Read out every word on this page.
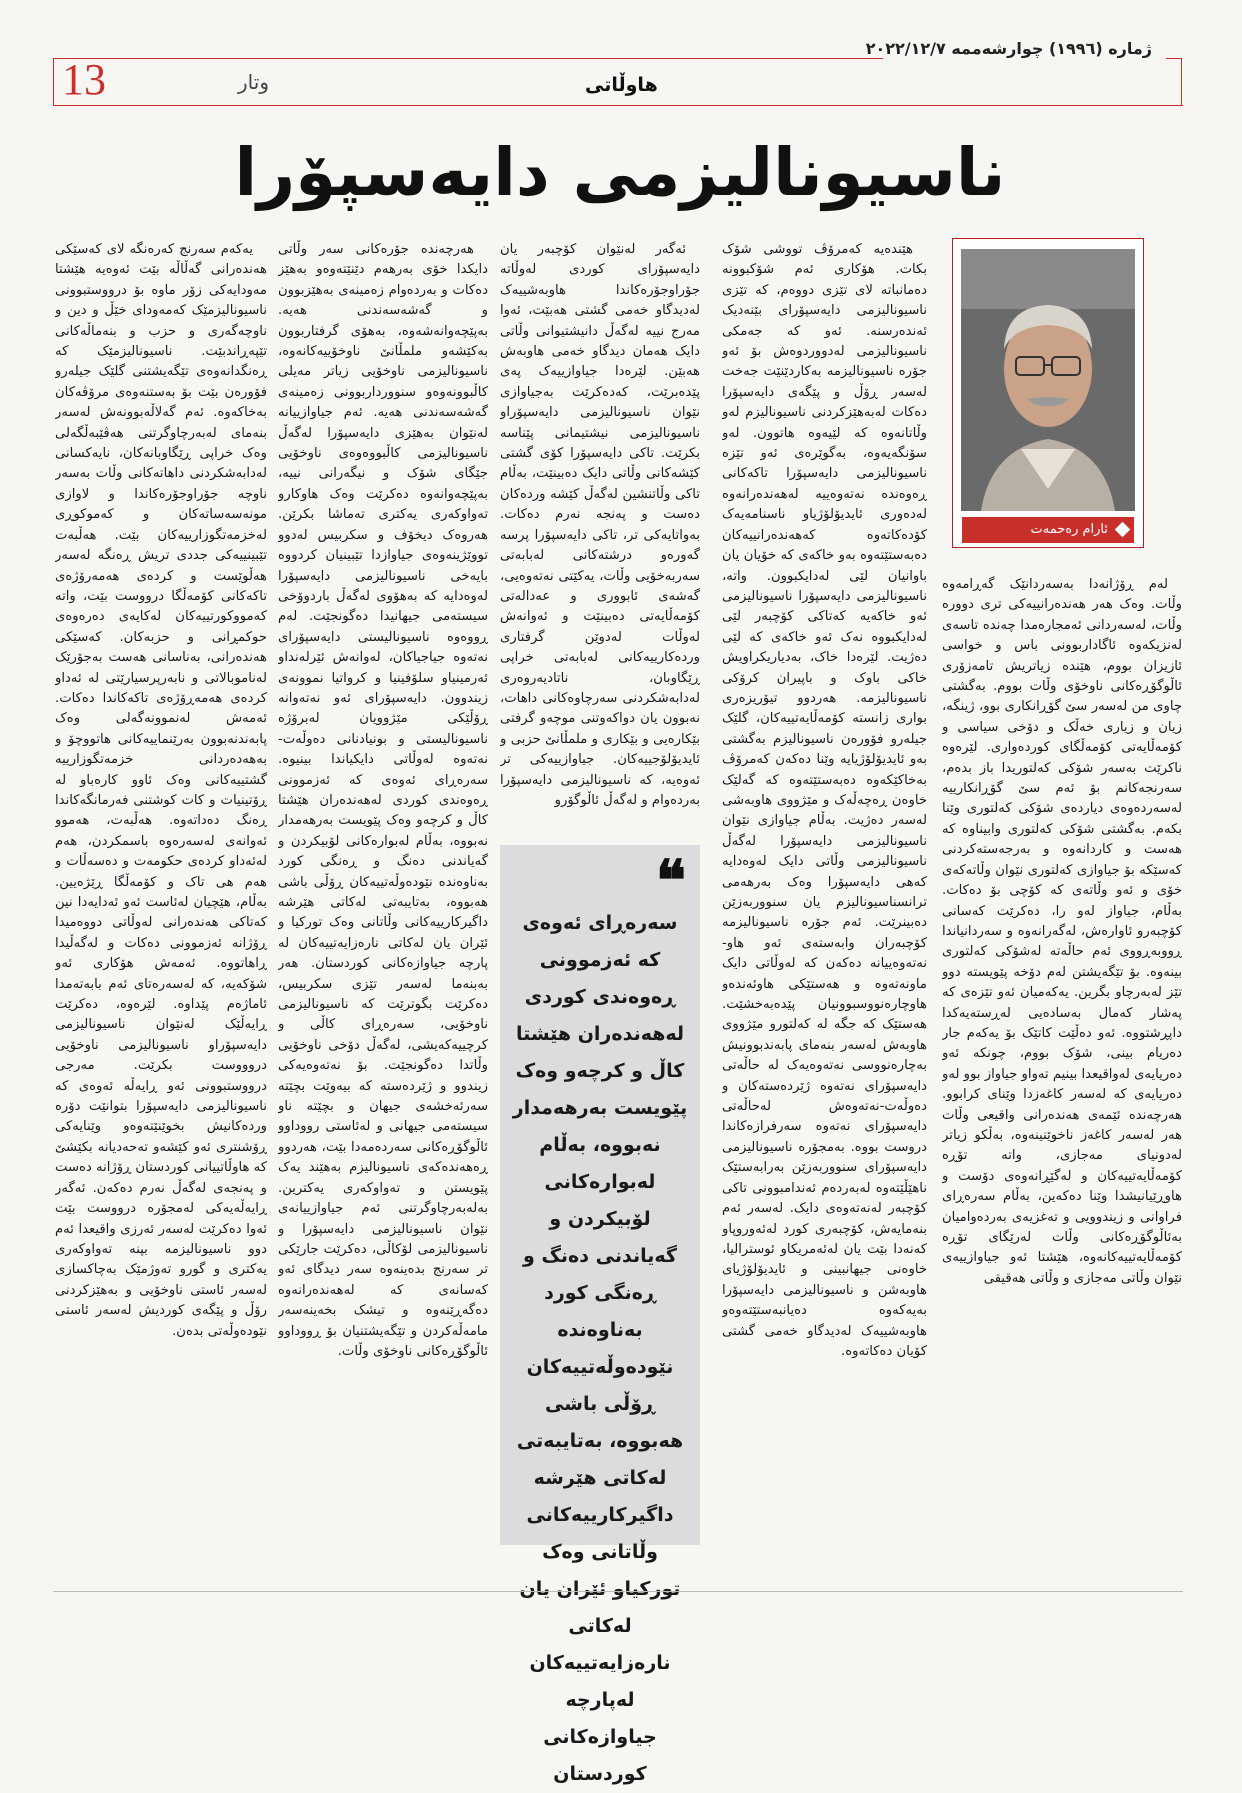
13	وتار	هاوڵاتی
ژمارە (١٩٩٦) چوارشەممە ٢٠٢٢/١٢/٧
ناسیونالیزمی دایەسپۆرا
ئارام رەحمەت

لەم ڕۆژانەدا بەسەردانێک گەڕامەوە وڵات. وەک هەر هەندەرانییەکی تری دووره وڵات، لەسەردانی ئەمجارەمدا چەندە تاسەی لەنزیکەوە ئاگاداربوونی باس و خواسی ئازیزان بووم، هێندە زیاتریش تامەزۆری ئاڵوگۆڕەکانی ناوخۆی وڵات بووم. بەگشتی چاوی من لەسەر سێ گۆڕانکاری بوو، ژینگە، زیان و زیاری خەڵک و دۆخی سیاسی و کۆمەڵایەتی کۆمەڵگای کوردەواری. لێرەوە ناکرێت بەسەر شۆکی کەلتوریدا باز بدەم، سەرنجەکانم بۆ ئەم سێ گۆڕانکارییە لەسەردەوەی دیاردەی شۆکی کەلتوری وێنا بکەم. بەگشتی شۆکی کەلتوری وابیناوە کە هەست و کاردانەوە و بەرجەستەکردنی کەسێکە بۆ جیاوازی کەلتوری نێوان وڵاتەکەی خۆی و ئەو وڵاتەی کە کۆچی بۆ دەکات. بەڵام، جیاواز لەو را، دەکرێت کەسانی کۆچبەرو ئاوارەش، لەگەرانەوە و سەردانیاندا ڕووبەڕووی ئەم حاڵەتە لەشۆکی کەلتوری بینەوە. بۆ تێگەیشتن لەم دۆخە پێویستە دوو تێز لەبەرچاو بگرین. یەکەمیان ئەو تێزەی کە پەشار کەمال بەسادەیی لەڕستەیەکدا داپڕشتووە. ئەو دەڵێت کاتێک بۆ یەکەم جار دەریام بینی، شۆک بووم، چونکە ئەو دەریایەی لەواقیعدا بینیم تەواو جیاواز بوو لەو دەریایەی کە لەسەر کاغەزدا وێنای کرابوو. هەرچەندە ئێمەی هەندەرانی واقیعی وڵات هەر لەسەر کاغەز ناخوێنینەوە، بەڵکو زیاتر لەدونیای مەجازی، واتە تۆڕە کۆمەڵایەتییەکان و لەگێڕانەوەی دۆست و هاوڕێیانیشدا وێنا دەکەین، بەڵام سەرەڕای فراوانی و زیندوویی و تەغزیەی بەردەوامیان بەئاڵوگۆڕەکانی وڵات لەرێگای تۆڕە کۆمەڵایەتییەکانەوە، هێشتا ئەو جیاوازییەی نێوان وڵاتی مەجازی و وڵاتی هەقیقی

هێندەیە کەمرۆڤ تووشی شۆک بکات. هۆکاری ئەم شۆکبوونە دەمانباتە لای تێزی دووەم، کە تێزی ناسیونالیزمی دایەسپۆرای بێنەدیک ئەندەرسنە. ئەو کە جەمکی ناسیونالیزمی لەدووردوەش بۆ ئەو جۆرە ناسیونالیزمە بەکاردێنێت جەخت لەسەر ڕۆڵ و پێگەی دایەسپۆرا دەکات لەبەهێزکردنی ناسیونالیزم لەو وڵاتانەوە کە لێیەوە هاتوون. لەو سۆنگەیەوە، بەگوێرەی ئەو تێزە ناسیونالیزمی دایەسپۆرا تاکەکانی ڕەوەندە نەتەوەییە لەهەندەرانەوە لەدەوری ئایدیۆلۆژیاو ناسنامەیەک کۆدەکاتەوە کەهەندەرانییەکان دەبەستێتەوە بەو خاکەی کە خۆیان یان باوانیان لێی لەدایکبوون. واتە، ناسیونالیزمی دایەسپۆرا ناسیونالیزمی ئەو خاکەیە کەتاکی کۆچبەر لێی لەدایکبووە نەک ئەو خاکەی کە لێی دەژیت. لێرەدا خاک، بەدیاریکراویش خاکی باوک و باپیران کرۆکی ناسیونالیزمە. هەردوو تیۆریزەری بواری زانستە کۆمەڵایەتییەکان، گلێک جیلەرو فۆورەن ناسیونالیزم بەگشتی بەو ئایدیۆلۆژیایە وێنا دەکەن کەمرۆڤ بەخاکێکەوە دەبەستێتەوە کە گەلێک خاوەن ڕەچەڵەک و مێژووی هاوبەشی لەسەر دەژیت. بەڵام جیاوازی نێوان ناسیونالیزمی دایەسپۆرا لەگەڵ ناسیونالیزمی وڵاتی دایک لەوەدایە کەهی دایەسپۆرا وەک بەرهەمی ترانسناسیونالیزم یان سنووربەزێن دەبینرێت. ئەم جۆرە ناسیونالیزمە کۆچبەران وابەستەی ئەو هاو-نەتەوەییانە دەکەن کە لەوڵاتی دایک ماونەتەوە و هەستێکی هاوئەندەو هاوچارەنووسبوونیان پێدەبەخشێت. هەستێک کە جگە لە کەلتورو مێژووی هاوبەش لەسەر بنەمای پابەندبوونیش بەچارەنووسی نەتەوەیەک لە حاڵەتی دایەسپۆرای نەتەوە ژێردەستەکان و دەوڵەت-نەتەوەش لەحاڵەتی دایەسپۆرای نەتەوە سەرفرازەکاندا دروست بووە. بەمجۆرە ناسیونالیزمی دایەسپۆرای سنووربەزێن بەرابەستێک ناهێڵێتەوە لەبەردەم ئەندامبوونی تاکی کۆچبەر لەنەتەوەی دایک. لەسەر ئەم بنەمایەش، کۆچبەری کورد لەئەوروپاو کەنەدا بێت یان لەئەمریکاو ئوسترالیا، خاوەنی جیهانبینی و ئایدیۆلۆژیای هاوبەشن و ناسیونالیزمی دایەسپۆرا بەیەکەوە دەیانبەستێتەوەو هاوبەشییەک لەدیدگاو خەمی گشتی کۆیان دەکاتەوە.

ئەگەر لەنێوان کۆچبەر یان دایەسپۆرای کوردی لەوڵاتە جۆراوجۆرەکاندا هاوبەشییەک لەدیدگاو خەمی گشتی هەبێت، ئەوا مەرج نییە لەگەڵ دانیشتیوانی وڵاتی دایک هەمان دیدگاو خەمی هاوبەش هەبێن. لێرەدا جیاوازییەک پەی پێدەبرێت، کەدەکرێت بەجیاوازی نێوان ناسیونالیزمی دایەسپۆراو ناسیونالیزمی نیشتیمانی پێناسە بکرێت. تاکی دایەسپۆرا کۆی گشتی کێشەکانی وڵاتی دایک دەبینێت، بەڵام تاکی وڵاتنشین لەگەڵ کێشە وردەکان دەست و پەنجە نەرم دەکات. بەواتایەکی تر، تاکی دایەسپۆرا پرسە گەورەو درشتەکانی لەبابەتی سەربەخۆیی وڵات، یەکێتی نەتەوەیی، گەشەی ئابووری و عەدالەتی کۆمەڵایەتی دەبینێت و ئەوانەش لەوڵات لەدوێن گرفتاری وردەکارییەکانی لەبابەتی خراپی ڕێگاوبان، ناتادیەروەری لەدابەشکردنی سەرچاوەکانی داهات، نەبوون یان دواکەوتنی موچەو گرفتی بێکارەیی و بێکاری و ملمڵانێ حزبی و ئایدیۆلۆجییەکان. جیاوازییەکی تر ئەوەیە، کە ناسیونالیزمی دایەسپۆرا بەردەوام و لەگەڵ ئاڵوگۆرو

هەرچەندە جۆرەکانی سەر وڵاتی دایکدا خۆی بەرهەم دێنێتەوەو بەهێز دەکات و بەردەوام زەمینەی بەهێزبوون و گەشەسەندنی هەیە. بەپێچەوانەشەوە، بەهۆی گرفتاربوون بەکێشەو ملمڵانێ ناوخۆییەکانەوە، ناسیونالیزمی ناوخۆیی زیاتر مەیلی کاڵبوونەوەو سنوورداربوونی زەمینەی گەشەسەندنی هەیە. ئەم جیاوازییانە لەنێوان بەهێزی دایەسپۆرا لەگەڵ ناسیونالیزمی کاڵبووەوەی ناوخۆیی جێگای شۆک و نیگەرانی نییە، بەپێچەوانەوە دەکرێت وەک هاوکارو تەواوکەری یەکتری تەماشا بکرێن. هەروەک دیخۆف و سکربیس لەدوو تووێژینەوەی جیاوازدا تێبینیان کردووە بایەخی ناسیونالیزمی دایەسپۆرا لەوەدایە کە بەهۆوی لەگەڵ باردوۆخی سیستەمی جیهانیدا دەگونجێت. لەم ڕووەوە ناسیونالیستی دایەسپۆرای نەتەوە جیاجیاکان، لەوانەش ئێرلەنداو ئەرمینیاو سلۆفینیا و کرواتیا نموونەی زیندوون. دایەسپۆرای ئەو نەتەوانە ڕۆڵێکی مێژوویان لەبرۆژە ناسیونالیستی و بونیادنانی دەوڵەت-نەتەوە لەوڵاتی دایکیاندا بینیوە. سەرەڕای ئەوەی کە ئەزموونی ڕەوەندی کوردی لەهەندەران هێشتا کاڵ و کرچەو وەک پێویست بەرهەمدار نەبووە، بەڵام لەبوارەکانی لۆبیکردن و گەیاندنی دەنگ و ڕەنگی کورد بەناوەندە نێودەوڵەتییەکان ڕۆڵی باشی هەبووە، بەتایبەتی لەکاتی هێرشە داگیرکارییەکانی وڵاتانی وەک تورکیا و ئێران یان لەکاتی نارەزایەتییەکان لە پارچە جیاوازەکانی کوردستان. هەر بەبنەما لەسەر تێزی سکربیس، دەکرێت بگوترێت کە ناسیونالیزمی ناوخۆیی، سەرەڕای کاڵی و کرچییەکەیشی، لەگەڵ دۆخی ناوخۆیی وڵاتدا دەگونجێت. بۆ نەتەوەیەکی زیندوو و ژێردەستە کە بیەوێت بچێتە سەرئەخشەی جیهان و بچێتە ناو سیستەمی جیهانی و لەئاستی رووداوو ئاڵوگۆڕەکانی سەردەمەدا بێت، هەردوو ڕەهەندەکەی ناسیونالیزم بەهێند یەک پێویستن و تەواوکەری یەکترین. بەلەبەرچاوگرتنی ئەم جیاوازییانەی نێوان ناسیونالیزمی دایەسپۆرا و ناسیونالیزمی لۆکاڵی، دەکرێت جارێکی تر سەرنج بدەینەوە سەر دیدگای ئەو کەسانەی کە لەهەندەرانەوە دەگەڕێنەوە و تیشک بخەینەسەر مامەڵەکردن و تێگەیشتنیان بۆ ڕووداوو ئاڵوگۆڕەکانی ناوخۆی وڵات.

یەکەم سەرنج کەرەنگە لای کەسێکی هەندەرانی گەڵاڵە بێت ئەوەیە هێشتا مەودایەکی زۆر ماوە بۆ درووستبوونی ناسیونالیزمێک کەمەودای خێڵ و دین و ناوچەگەری و حزب و بنەماڵەکانی تێپەڕاندبێت. ناسیونالیزمێک کە ڕەنگدانەوەی تێگەیشتنی گلێک جیلەرو فۆورەن بێت بۆ بەستنەوەی مرۆڤەکان بەخاکەوە. ئەم گەلاڵەبوونەش لەسەر بنەمای لەبەرچاوگرتنی هەڤێبەڵگەلی وەک خراپی ڕێگاوبانەکان، نایەکسانی لەدابەشکردنی داهاتەکانی وڵات بەسەر ناوچە جۆراوجۆرەکاندا و لاوازی مونەسەساتەکان و کەموکوڕی لەخزمەتگوزارییەکان بێت. هەڵبەت تێبینییەکی جددی تریش ڕەنگە لەسەر هەڵوێست و کردەی هەمەرۆژەی تاکەکانی کۆمەڵگا درووست بێت، واتە کەمووکورتییەکان لەکایەی دەرەوەی حوکمڕانی و حزبەکان. کەسێکی هەندەرانی، بەناسانی هەست بەجۆرێک لەناموبالاتی و نابەرپرسیارێتی لە ئەداو کردەی هەمەڕۆژەی تاکەکاندا دەکات. ئەمەش لەنموونەگەلی وەک پابەندنەبوون بەرێنماییەکانی هاتووچۆ و بەهەدەردانی خزمەتگوزارییە گشتییەکانی وەک ئاوو کارەباو لە ڕۆتینیات و کات کوشتنی فەرمانگەکاندا ڕەنگ دەداتەوە. هەڵبەت، هەموو ئەوانەی لەسەرەوە باسمکردن، هەم لەئەداو کردەی حکومەت و دەسەڵات و هەم هی تاک و کۆمەڵگا ڕێژەیین. بەڵام، هێچیان لەئاست ئەو ئەدایەدا نین کەتاکی هەندەرانی لەوڵاتی دووەمیدا ڕۆژانە ئەزموونی دەکات و لەگەڵیدا ڕاهاتووە. ئەمەش هۆکاری ئەو شۆکەیە، کە لەسەرەتای ئەم بابەتەمدا ئاماژەم پێداوە. لێرەوە، دەکرێت ڕایەڵێک لەنێوان ناسیونالیزمی دایەسپۆراو ناسیونالیزمی ناوخۆیی دروووست بکرێت. مەرجی درووستبوونی ئەو ڕایەڵە ئەوەی کە ناسیونالیزمی دایەسپۆرا بتوانێت دۆرە وردەکانیش بخوێنێتەوەو وێنایەکی ڕۆشنتری ئەو کێشەو تەحەدیانە بکێشێ کە هاوڵاتییانی کوردستان ڕۆژانە دەست و پەنجەی لەگەڵ نەرم دەکەن. ئەگەر ڕایەڵەیەکی لەمجۆرە درووست بێت ئەوا دەکرێت لەسەر ئەرزی واقیعدا ئەم دوو ناسیونالیزمە بپنە تەواوکەری یەکتری و گورو تەوژمێک بەچاکسازی لەسەر ئاستی ناوخۆیی و بەهێزکردنی رۆڵ و پێگەی کوردیش لەسەر ئاستی نێودەوڵەتی بدەن.

❝
سەرەڕای ئەوەی کە ئەزموونی ڕەوەندی کوردی لەهەندەران هێشتا کاڵ و کرچەو وەک پێویست بەرهەمدار نەبووە، بەڵام لەبوارەکانی لۆبیکردن و گەیاندنی دەنگ و ڕەنگی کورد بەناوەندە نێودەوڵەتییەکان ڕۆڵی باشی هەبووە، بەتایبەتی لەکاتی هێرشە داگیرکارییەکانی وڵاتانی وەک تورکیاو ئێران یان لەکاتی نارەزایەتییەکان لەپارچە جیاوازەکانی کوردستان
